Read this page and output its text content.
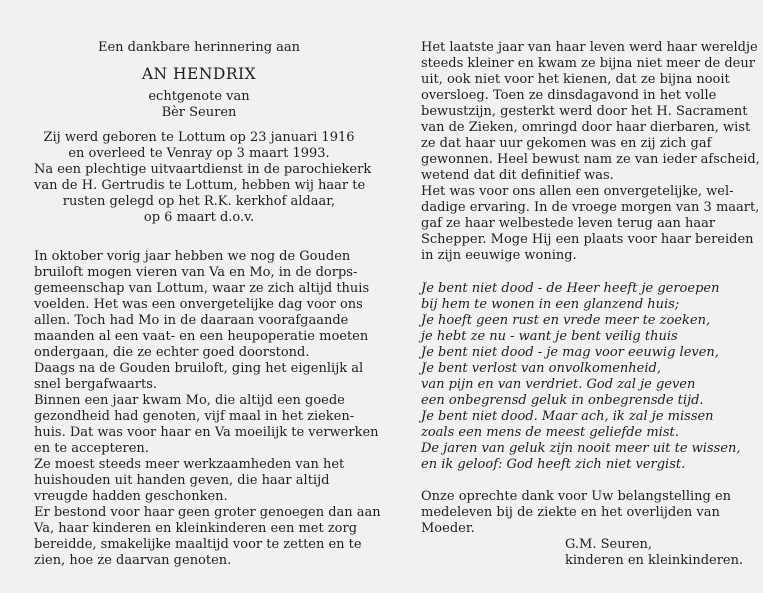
Een dankbare herinnering aan
AN HENDRIX
echtgenote van
Bèr Seuren
Zij werd geboren te Lottum op 23 januari 1916
en overleed te Venray op 3 maart 1993.
Na een plechtige uitvaartdienst in de parochiekerk
van de H. Gertrudis te Lottum, hebben wij haar te
rusten gelegd op het R.K. kerkhof aldaar,
op 6 maart d.o.v.
In oktober vorig jaar hebben we nog de Gouden
bruiloft mogen vieren van Va en Mo, in de dorps-
gemeenschap van Lottum, waar ze zich altijd thuis
voelden. Het was een onvergetelijke dag voor ons
allen. Toch had Mo in de daaraan voorafgaande
maanden al een vaat- en een heupoperatie moeten
ondergaan, die ze echter goed doorstond.
Daags na de Gouden bruiloft, ging het eigenlijk al
snel bergafwaarts.
Binnen een jaar kwam Mo, die altijd een goede
gezondheid had genoten, vijf maal in het zieken-
huis. Dat was voor haar en Va moeilijk te verwerken
en te accepteren.
Ze moest steeds meer werkzaamheden van het
huishouden uit handen geven, die haar altijd
vreugde hadden geschonken.
Er bestond voor haar geen groter genoegen dan aan
Va, haar kinderen en kleinkinderen een met zorg
bereidde, smakelijke maaltijd voor te zetten en te
zien, hoe ze daarvan genoten.
Het laatste jaar van haar leven werd haar wereldje
steeds kleiner en kwam ze bijna niet meer de deur
uit, ook niet voor het kienen, dat ze bijna nooit
oversloeg. Toen ze dinsdagavond in het volle
bewustzijn, gesterkt werd door het H. Sacrament
van de Zieken, omringd door haar dierbaren, wist
ze dat haar uur gekomen was en zij zich gaf
gewonnen. Heel bewust nam ze van ieder afscheid,
wetend dat dit definitief was.
Het was voor ons allen een onvergetelijke, wel-
dadige ervaring. In de vroege morgen van 3 maart,
gaf ze haar welbestede leven terug aan haar
Schepper. Moge Hij een plaats voor haar bereiden
in zijn eeuwige woning.
Je bent niet dood - de Heer heeft je geroepen
bij hem te wonen in een glanzend huis;
Je hoeft geen rust en vrede meer te zoeken,
je hebt ze nu - want je bent veilig thuis
Je bent niet dood - je mag voor eeuwig leven,
Je bent verlost van onvolkomenheid,
van pijn en van verdriet. God zal je geven
een onbegrensd geluk in onbegrensde tijd.
Je bent niet dood. Maar ach, ik zal je missen
zoals een mens de meest geliefde mist.
De jaren van geluk zijn nooit meer uit te wissen,
en ik geloof: God heeft zich niet vergist.
Onze oprechte dank voor Uw belangstelling en
medeleven bij de ziekte en het overlijden van
Moeder.
G.M. Seuren,
kinderen en kleinkinderen.
